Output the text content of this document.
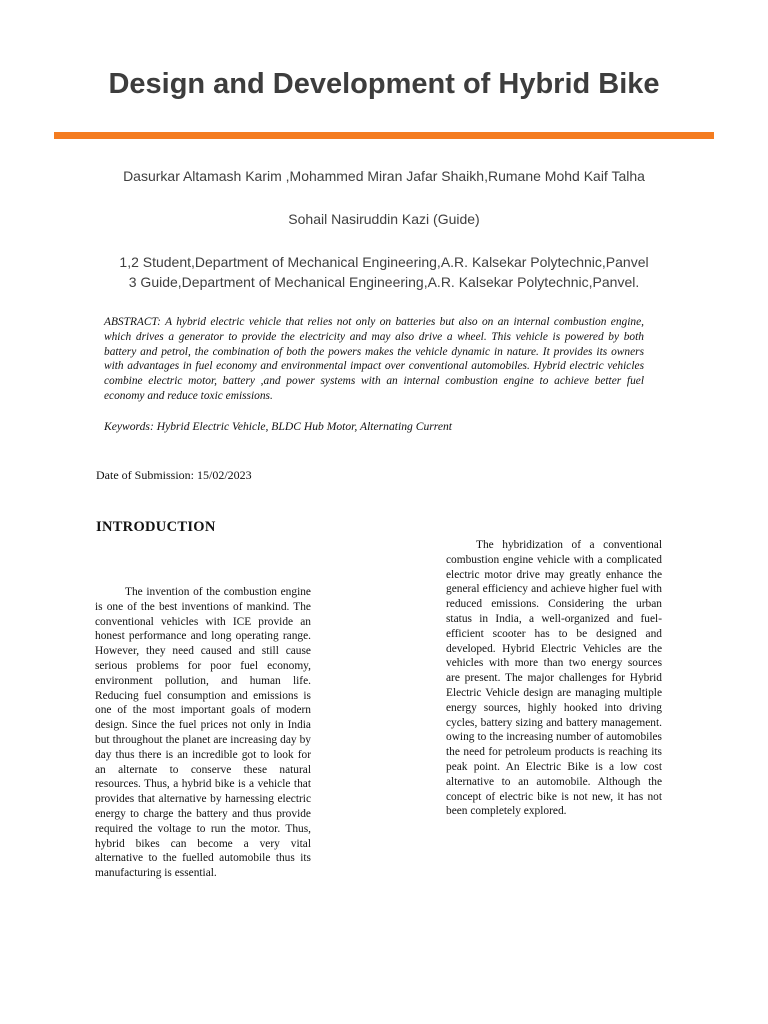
Design and Development of Hybrid Bike
Dasurkar Altamash Karim ,Mohammed Miran Jafar Shaikh,Rumane Mohd Kaif Talha
Sohail Nasiruddin Kazi (Guide)
1,2 Student,Department of Mechanical Engineering,A.R. Kalsekar Polytechnic,Panvel
3 Guide,Department of Mechanical Engineering,A.R. Kalsekar Polytechnic,Panvel.
ABSTRACT: A hybrid electric vehicle that relies not only on batteries but also on an internal combustion engine, which drives a generator to provide the electricity and may also drive a wheel. This vehicle is powered by both battery and petrol, the combination of both the powers makes the vehicle dynamic in nature. It provides its owners with advantages in fuel economy and environmental impact over conventional automobiles. Hybrid electric vehicles combine electric motor, battery ,and power systems with an internal combustion engine to achieve better fuel economy and reduce toxic emissions.
Keywords: Hybrid Electric Vehicle, BLDC Hub Motor, Alternating Current
Date of Submission: 15/02/2023
INTRODUCTION
The invention of the combustion engine is one of the best inventions of mankind. The conventional vehicles with ICE provide an honest performance and long operating range. However, they need caused and still cause serious problems for poor fuel economy, environment pollution, and human life. Reducing fuel consumption and emissions is one of the most important goals of modern design. Since the fuel prices not only in India but throughout the planet are increasing day by day thus there is an incredible got to look for an alternate to conserve these natural resources. Thus, a hybrid bike is a vehicle that provides that alternative by harnessing electric energy to charge the battery and thus provide required the voltage to run the motor. Thus, hybrid bikes can become a very vital alternative to the fuelled automobile thus its manufacturing is essential.
The hybridization of a conventional combustion engine vehicle with a complicated electric motor drive may greatly enhance the general efficiency and achieve higher fuel with reduced emissions. Considering the urban status in India, a well-organized and fuel-efficient scooter has to be designed and developed. Hybrid Electric Vehicles are the vehicles with more than two energy sources are present. The major challenges for Hybrid Electric Vehicle design are managing multiple energy sources, highly hooked into driving cycles, battery sizing and battery management. owing to the increasing number of automobiles the need for petroleum products is reaching its peak point. An Electric Bike is a low cost alternative to an automobile. Although the concept of electric bike is not new, it has not been completely explored.
